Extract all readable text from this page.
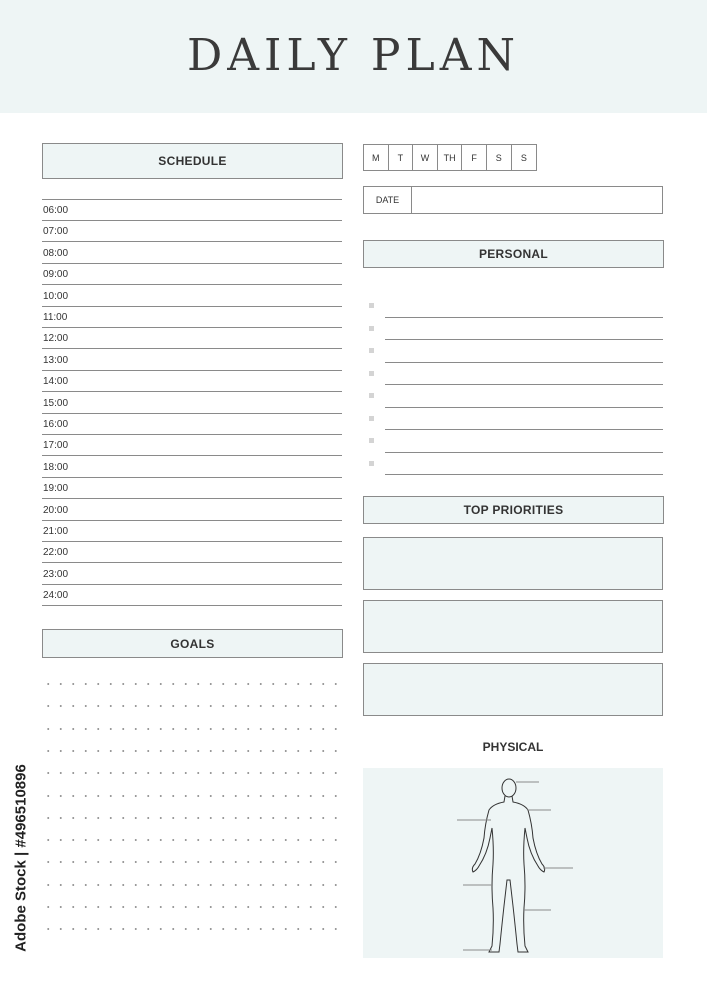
DAILY PLAN
SCHEDULE
06:00
07:00
08:00
09:00
10:00
11:00
12:00
13:00
14:00
15:00
16:00
17:00
18:00
19:00
20:00
21:00
22:00
23:00
24:00
GOALS
M	T	W	TH	F	S	S
DATE
PERSONAL
TOP PRIORITIES
PHYSICAL
Adobe Stock | #496510896
